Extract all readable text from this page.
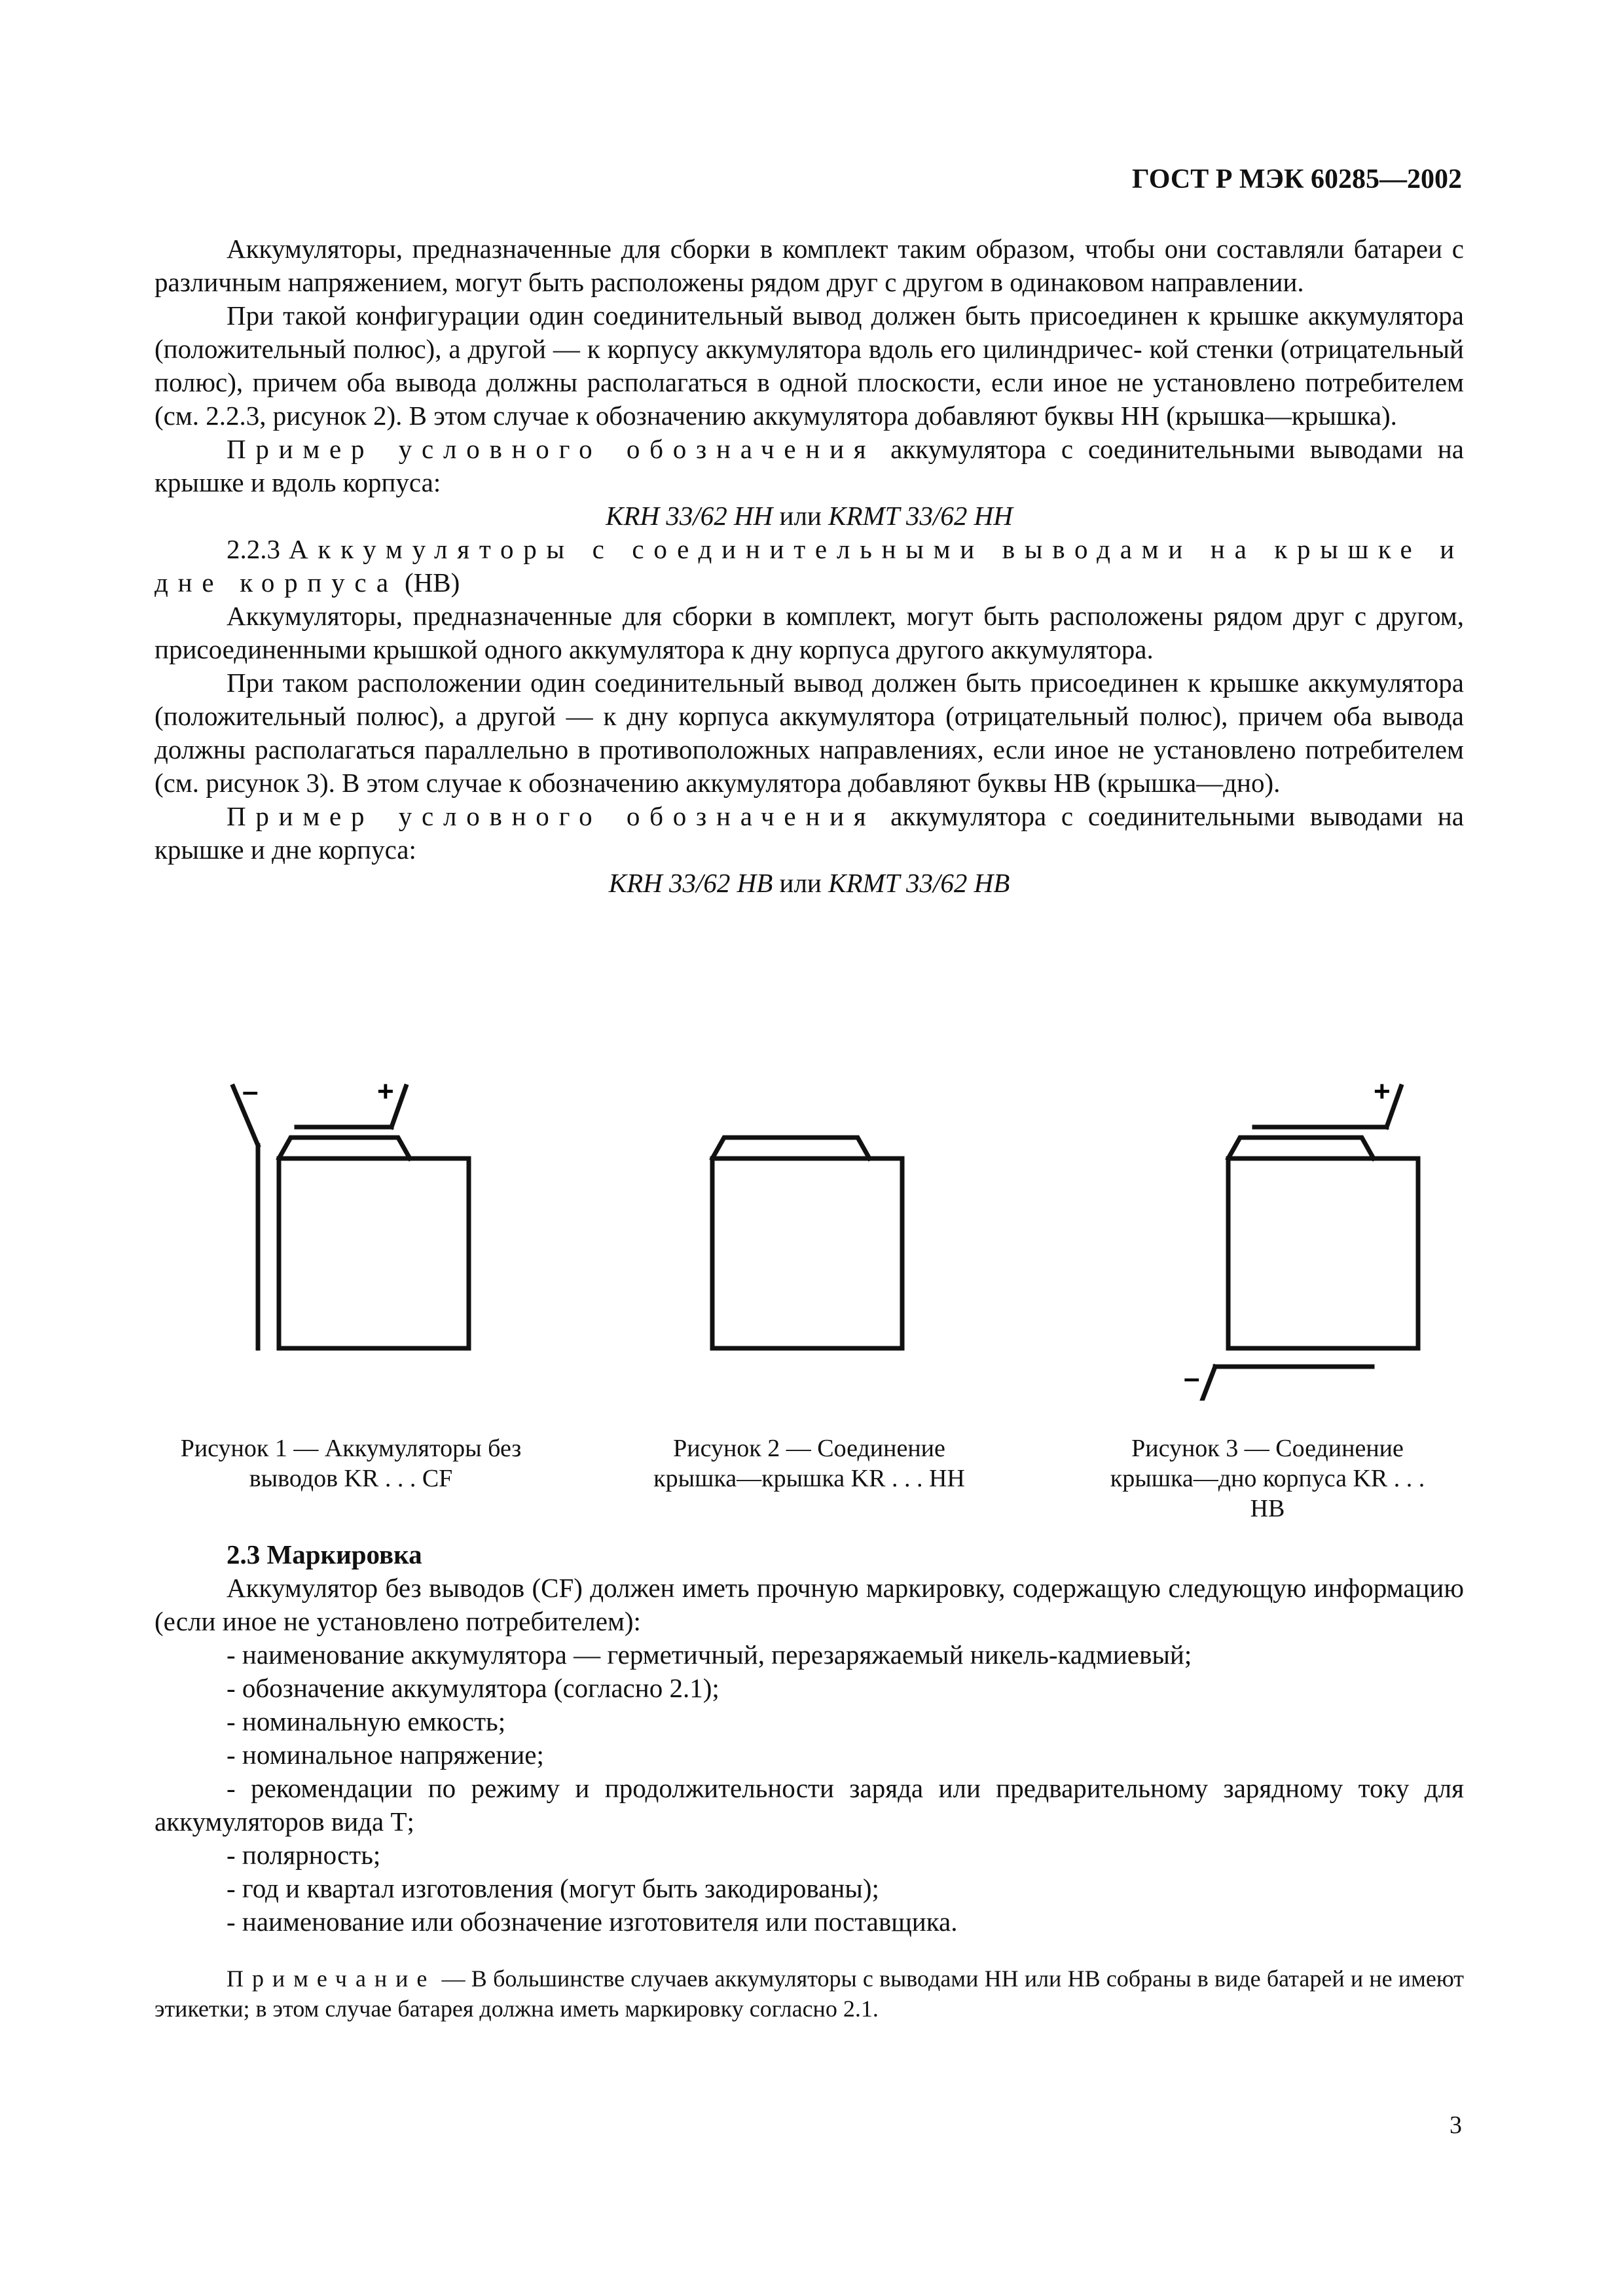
ГОСТ Р МЭК 60285—2002

Аккумуляторы, предназначенные для сборки в комплект таким образом, чтобы они составляли батареи с различным напряжением, могут быть расположены рядом друг с другом в одинаковом направлении.

При такой конфигурации один соединительный вывод должен быть присоединен к крышке аккумулятора (положительный полюс), а другой — к корпусу аккумулятора вдоль его цилиндричес- кой стенки (отрицательный полюс), причем оба вывода должны располагаться в одной плоскости, если иное не установлено потребителем (см. 2.2.3, рисунок 2). В этом случае к обозначению аккумулятора добавляют буквы НН (крышка—крышка).

Пример условного обозначения аккумулятора с соединительными выводами на крышке и вдоль корпуса:

KRH 33/62 HH или KRMT 33/62 HH

2.2.3 Аккумуляторы с соединительными выводами на крышке и дне корпуса (НВ)

Аккумуляторы, предназначенные для сборки в комплект, могут быть расположены рядом друг с другом, присоединенными крышкой одного аккумулятора к дну корпуса другого аккумулятора.

При таком расположении один соединительный вывод должен быть присоединен к крышке аккумулятора (положительный полюс), а другой — к дну корпуса аккумулятора (отрицательный полюс), причем оба вывода должны располагаться параллельно в противоположных направлениях, если иное не установлено потребителем (см. рисунок 3). В этом случае к обозначению аккумулятора добавляют буквы НВ (крышка—дно).

Пример условного обозначения аккумулятора с соединительными выводами на крышке и дне корпуса:

KRH 33/62 HB или KRMT 33/62 HB

–	+
Рисунок 1 — Аккумуляторы без
выводов KR . . . CF
Рисунок 2 — Соединение
крышка—крышка KR . . . HH
+
–
Рисунок 3 — Соединение
крышка—дно корпуса KR . . .
HB

2.3 Маркировка

Аккумулятор без выводов (CF) должен иметь прочную маркировку, содержащую следующую информацию (если иное не установлено потребителем):

- наименование аккумулятора — герметичный, перезаряжаемый никель-кадмиевый;

- обозначение аккумулятора (согласно 2.1);

- номинальную емкость;

- номинальное напряжение;

- рекомендации по режиму и продолжительности заряда или предварительному зарядному току для аккумуляторов вида Т;

- полярность;

- год и квартал изготовления (могут быть закодированы);

- наименование или обозначение изготовителя или поставщика.

Примечание — В большинстве случаев аккумуляторы с выводами НН или НВ собраны в виде батарей и не имеют этикетки; в этом случае батарея должна иметь маркировку согласно 2.1.
3
